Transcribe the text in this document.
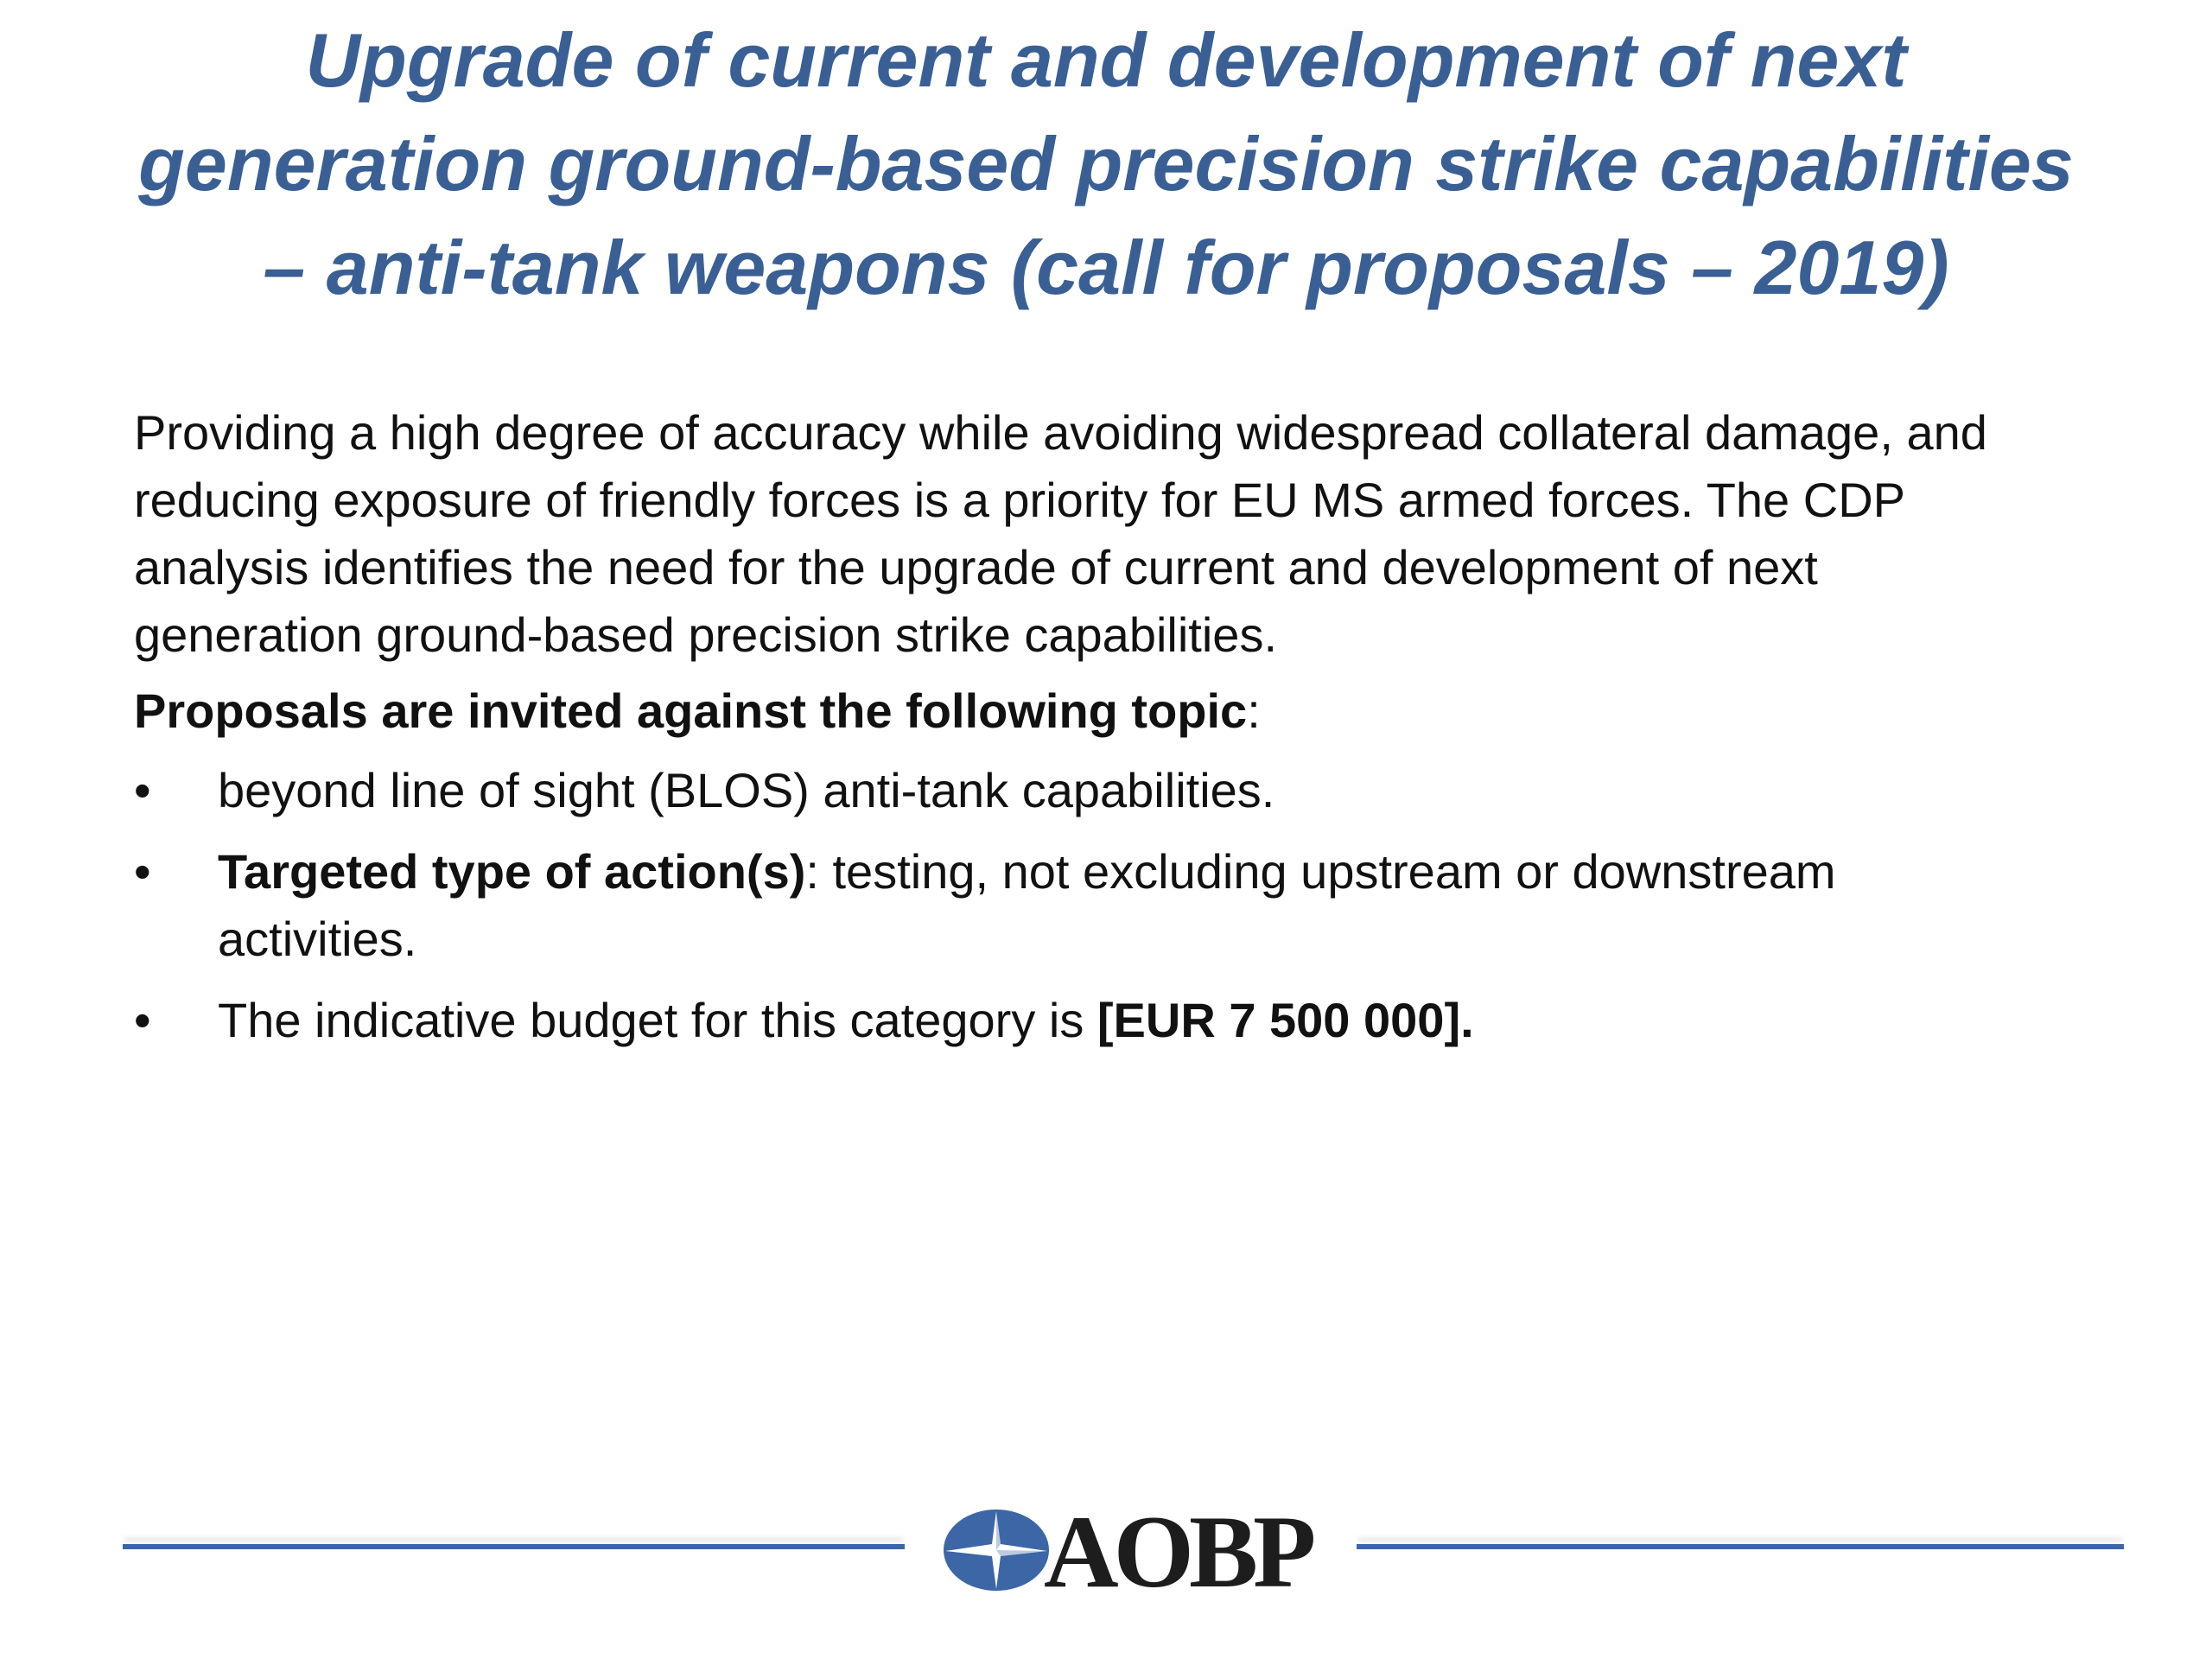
Upgrade of current and development of next
generation ground-based precision strike capabilities
– anti-tank weapons (call for proposals – 2019)

Providing a high degree of accuracy while avoiding widespread collateral damage, and
reducing exposure of friendly forces is a priority for EU MS armed forces. The CDP
analysis identifies the need for the upgrade of current and development of next
generation ground-based precision strike capabilities.

Proposals are invited against the following topic:

• beyond line of sight (BLOS) anti-tank capabilities.
• Targeted type of action(s): testing, not excluding upstream or downstream
activities.
• The indicative budget for this category is [EUR 7 500 000].
AOBP
